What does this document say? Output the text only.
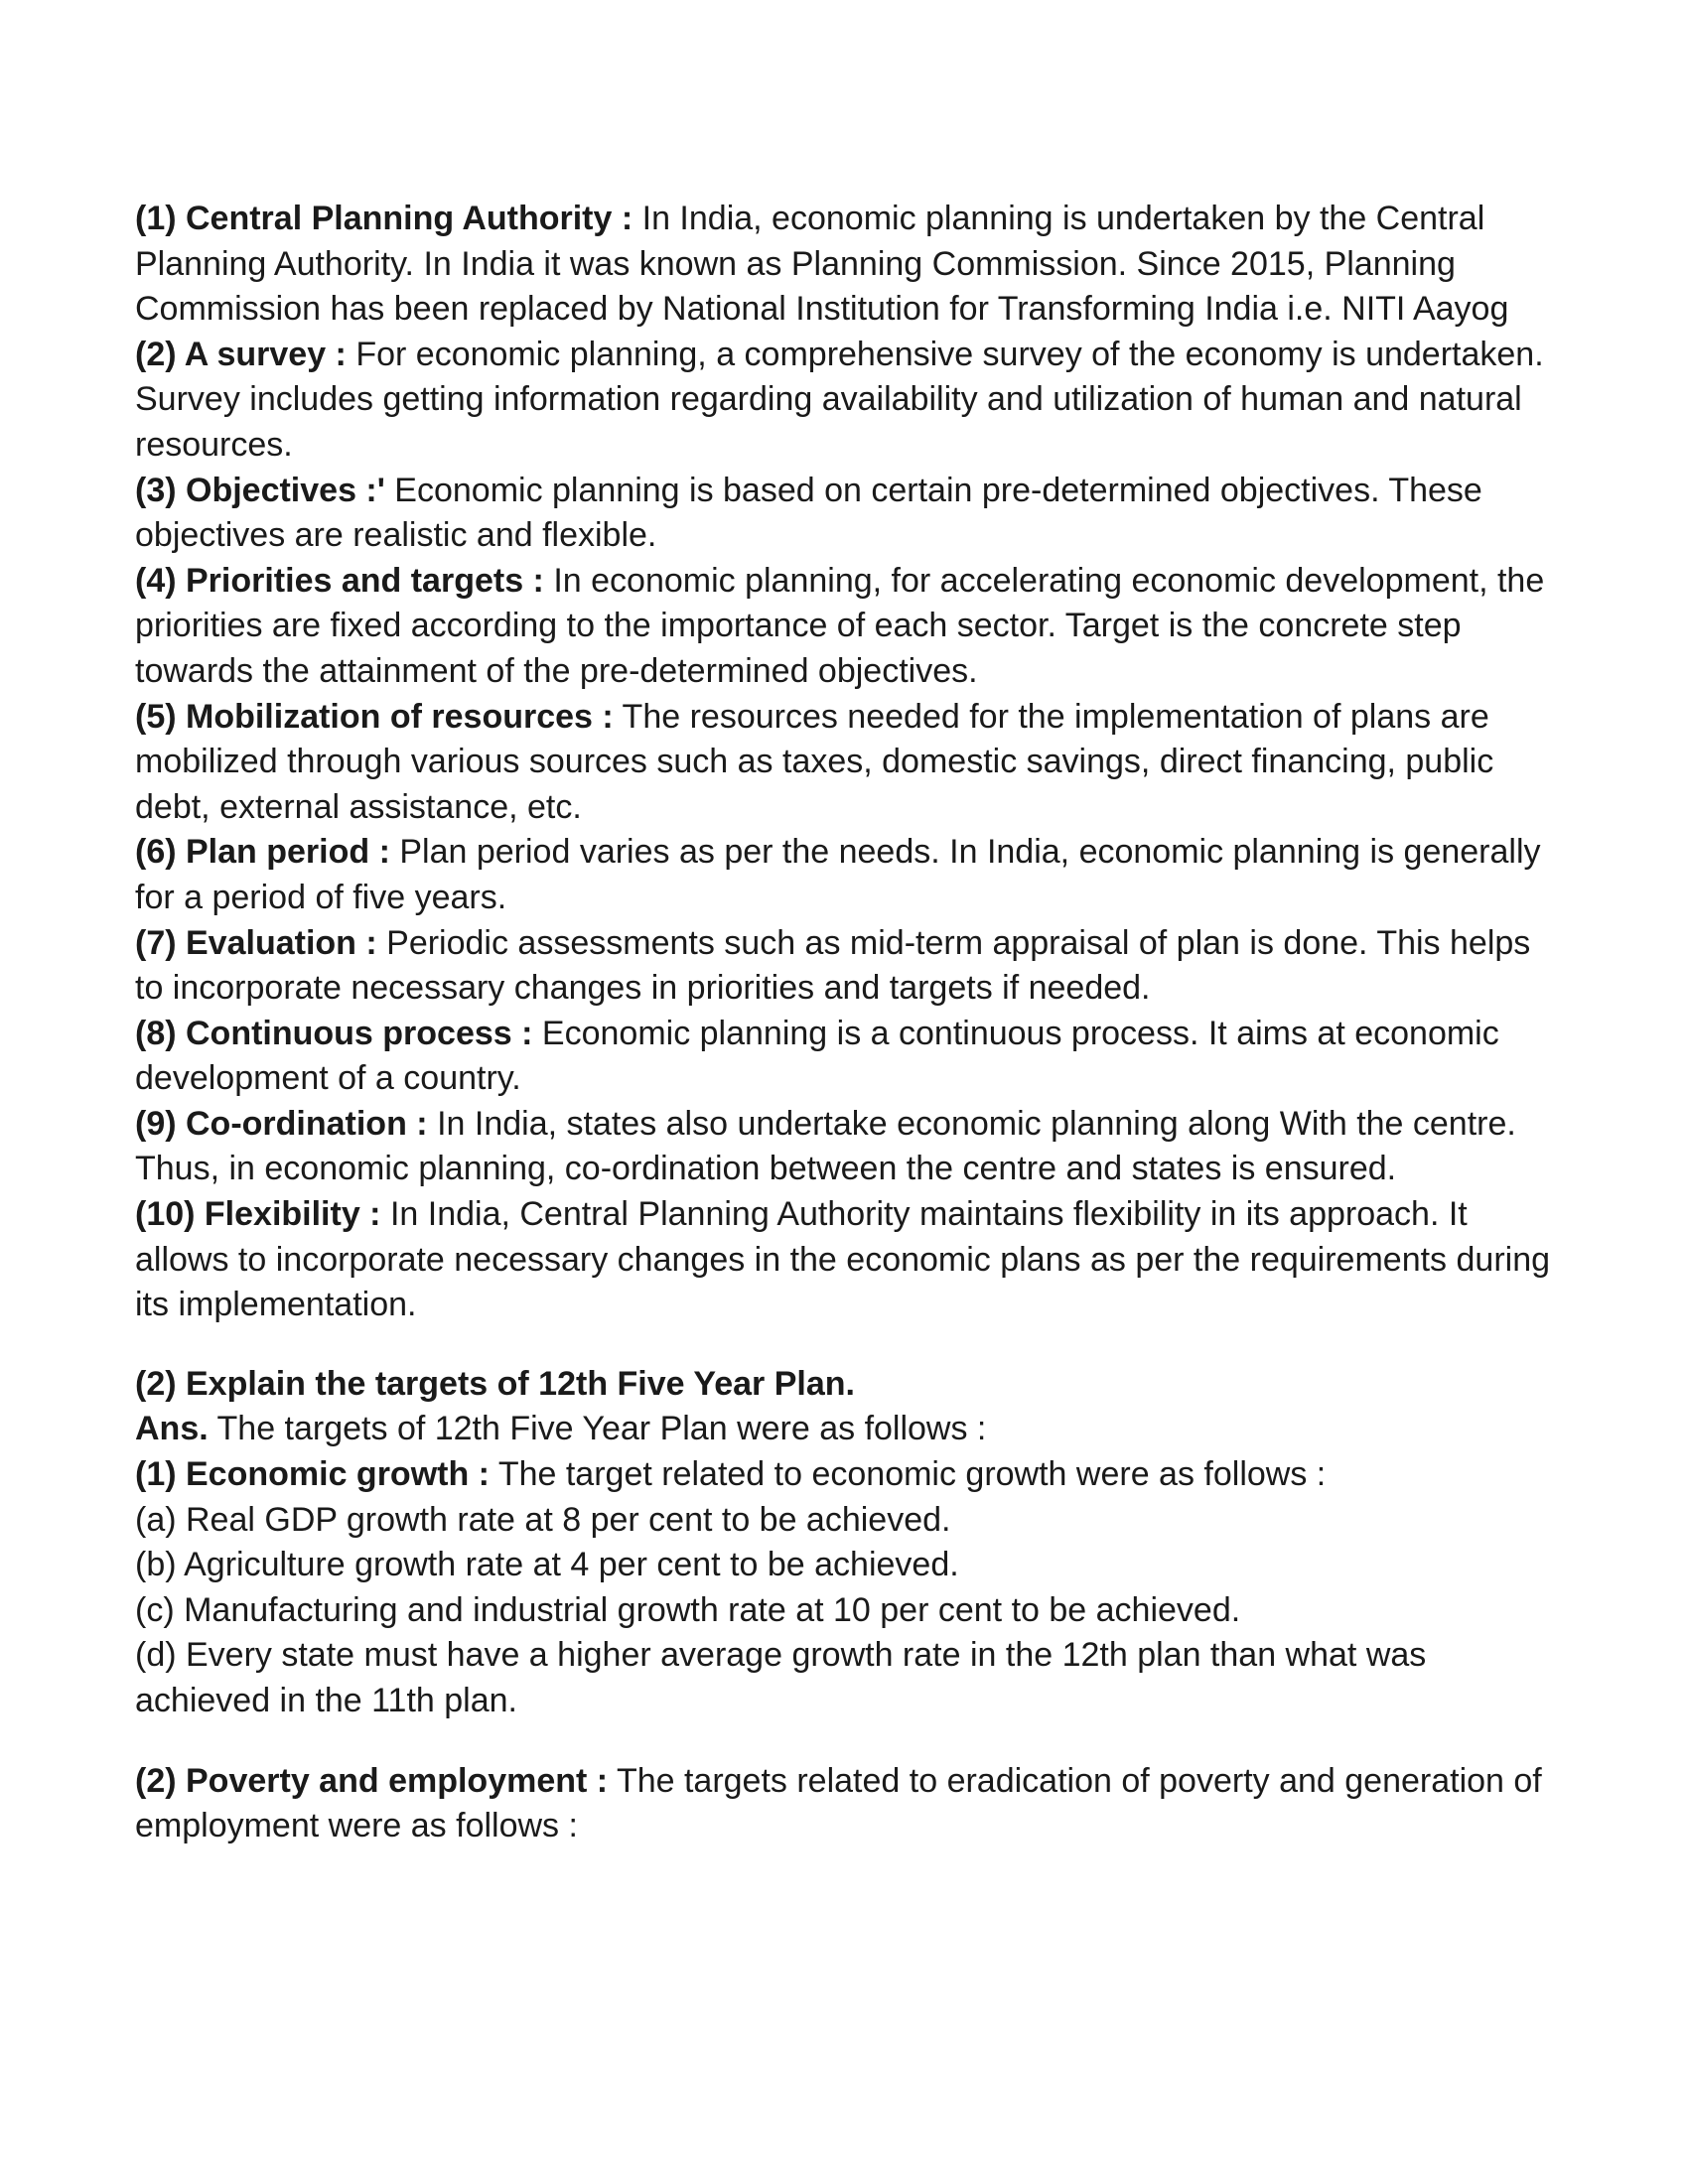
(1) Central Planning Authority : In India, economic planning is undertaken by the Central Planning Authority. In India it was known as Planning Commission. Since 2015, Planning Commission has been replaced by National Institution for Transforming India i.e. NITI Aayog

(2) A survey : For economic planning, a comprehensive survey of the economy is undertaken. Survey includes getting information regarding availability and utilization of human and natural resources.

(3) Objectives :' Economic planning is based on certain pre-determined objectives. These objectives are realistic and flexible.

(4) Priorities and targets : In economic planning, for accelerating economic development, the priorities are fixed according to the importance of each sector. Target is the concrete step towards the attainment of the pre-determined objectives.

(5) Mobilization of resources : The resources needed for the implementation of plans are mobilized through various sources such as taxes, domestic savings, direct financing, public debt, external assistance, etc.

(6) Plan period : Plan period varies as per the needs. In India, economic planning is generally for a period of five years.

(7) Evaluation : Periodic assessments such as mid-term appraisal of plan is done. This helps to incorporate necessary changes in priorities and targets if needed.

(8) Continuous process : Economic planning is a continuous process. It aims at economic development of a country.

(9) Co-ordination : In India, states also undertake economic planning along With the centre. Thus, in economic planning, co-ordination between the centre and states is ensured.

(10) Flexibility : In India, Central Planning Authority maintains flexibility in its approach. It allows to incorporate necessary changes in the economic plans as per the requirements during its implementation.

(2) Explain the targets of 12th Five Year Plan.

Ans. The targets of 12th Five Year Plan were as follows :

(1) Economic growth : The target related to economic growth were as follows :

(a) Real GDP growth rate at 8 per cent to be achieved.

(b) Agriculture growth rate at 4 per cent to be achieved.

(c) Manufacturing and industrial growth rate at 10 per cent to be achieved.

(d) Every state must have a higher average growth rate in the 12th plan than what was achieved in the 11th plan.

(2) Poverty and employment : The targets related to eradication of poverty and generation of employment were as follows :
